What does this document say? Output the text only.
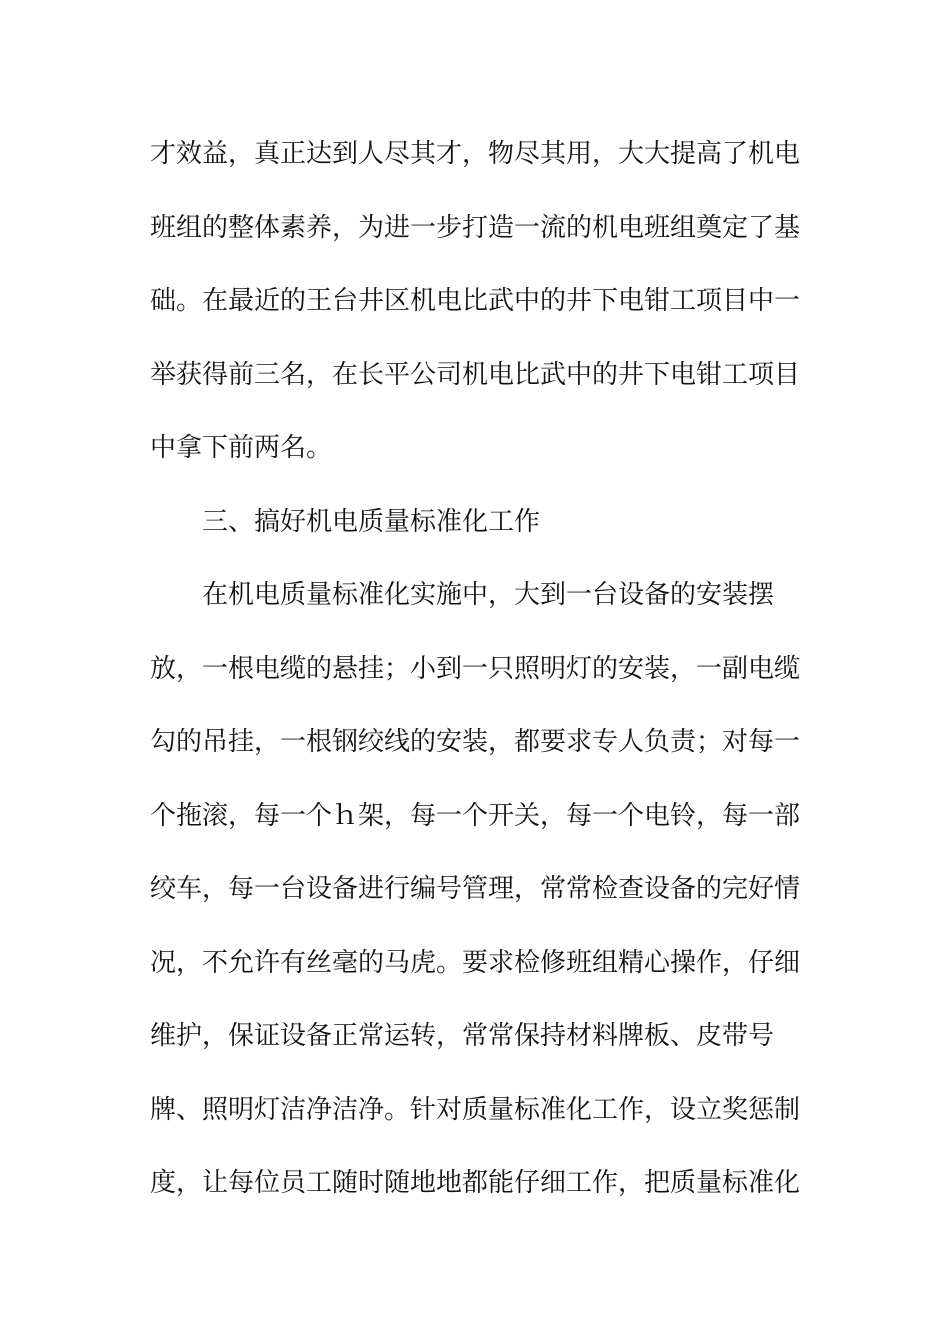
才效益，真正达到人尽其才，物尽其用，大大提高了机电
班组的整体素养，为进一步打造一流的机电班组奠定了基
础。在最近的王台井区机电比武中的井下电钳工项目中一
举获得前三名，在长平公司机电比武中的井下电钳工项目
中拿下前两名。
三、搞好机电质量标准化工作
在机电质量标准化实施中，大到一台设备的安装摆
放，一根电缆的悬挂；小到一只照明灯的安装，一副电缆
勾的吊挂，一根钢绞线的安装，都要求专人负责；对每一
个拖滚，每一个ｈ架，每一个开关，每一个电铃，每一部
绞车，每一台设备进行编号管理，常常检查设备的完好情
况，不允许有丝毫的马虎。要求检修班组精心操作，仔细
维护，保证设备正常运转，常常保持材料牌板、皮带号
牌、照明灯洁净洁净。针对质量标准化工作，设立奖惩制
度，让每位员工随时随地地都能仔细工作，把质量标准化
